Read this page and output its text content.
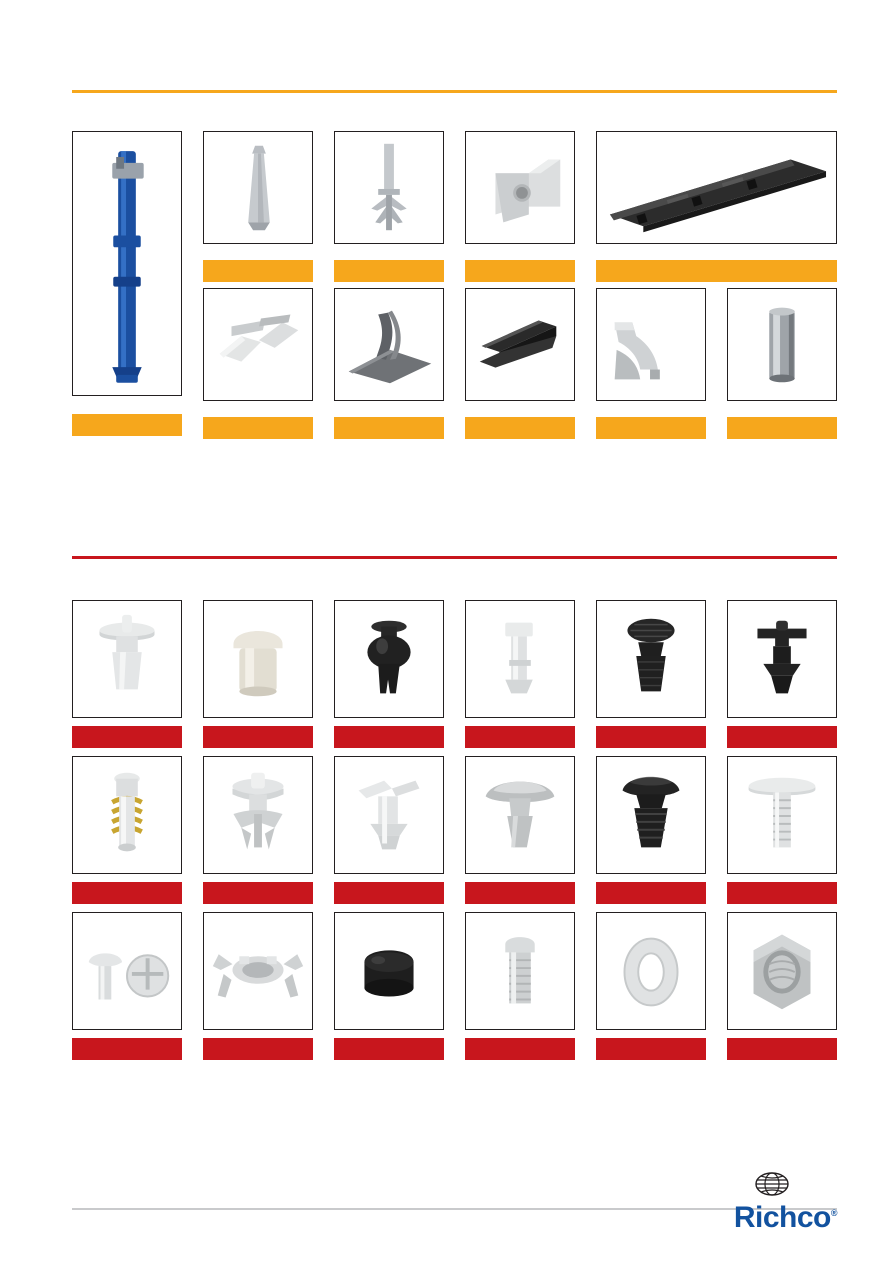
Richco®
